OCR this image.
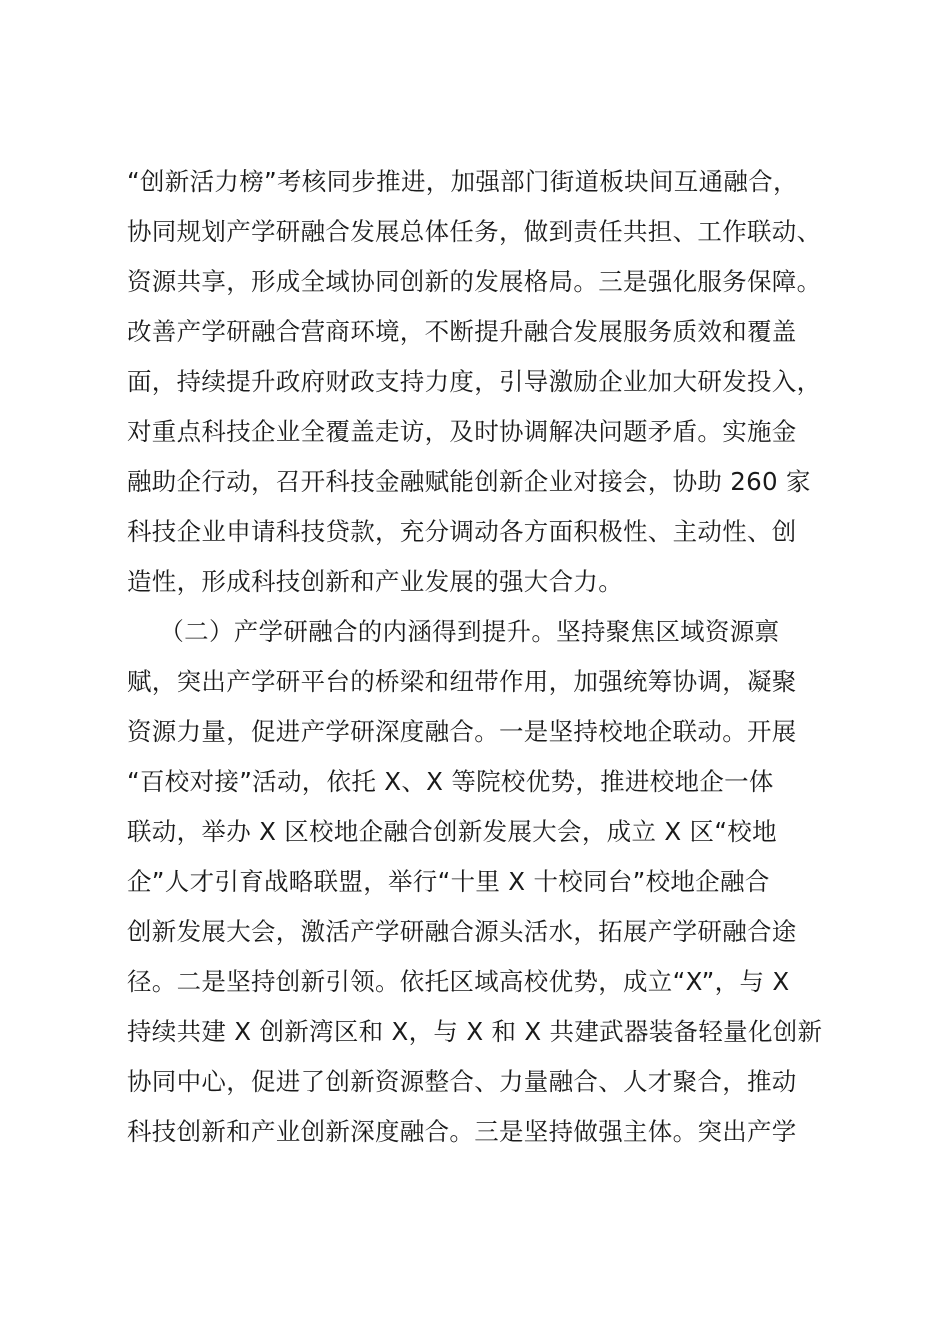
“创新活力榜”考核同步推进，加强部门街道板块间互通融合，
协同规划产学研融合发展总体任务，做到责任共担、工作联动、
资源共享，形成全域协同创新的发展格局。三是强化服务保障。
改善产学研融合营商环境，不断提升融合发展服务质效和覆盖
面，持续提升政府财政支持力度，引导激励企业加大研发投入，
对重点科技企业全覆盖走访，及时协调解决问题矛盾。实施金
融助企行动，召开科技金融赋能创新企业对接会，协助 260 家
科技企业申请科技贷款，充分调动各方面积极性、主动性、创
造性，形成科技创新和产业发展的强大合力。
（二）产学研融合的内涵得到提升。坚持聚焦区域资源禀
赋，突出产学研平台的桥梁和纽带作用，加强统筹协调，凝聚
资源力量，促进产学研深度融合。一是坚持校地企联动。开展
“百校对接”活动，依托 X、X 等院校优势，推进校地企一体
联动，举办 X 区校地企融合创新发展大会，成立 X 区“校地
企”人才引育战略联盟，举行“十里 X 十校同台”校地企融合
创新发展大会，激活产学研融合源头活水，拓展产学研融合途
径。二是坚持创新引领。依托区域高校优势，成立“X”，与 X
持续共建 X 创新湾区和 X，与 X 和 X 共建武器装备轻量化创新
协同中心，促进了创新资源整合、力量融合、人才聚合，推动
科技创新和产业创新深度融合。三是坚持做强主体。突出产学
